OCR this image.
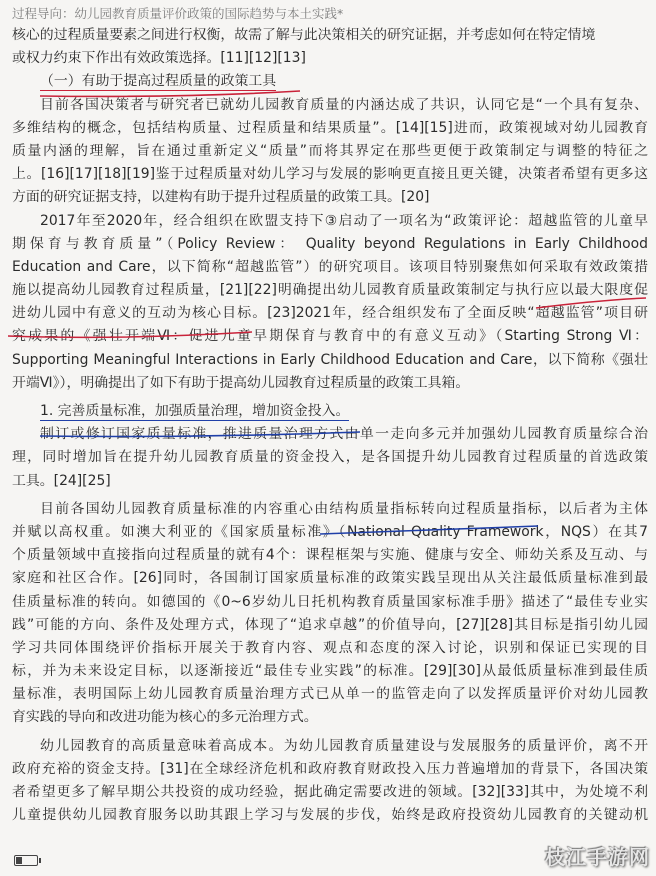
过程导向：幼儿园教育质量评价政策的国际趋势与本土实践*
核心的过程质量要素之间进行权衡，故需了解与此决策相关的研究证据，并考虑如何在特定情境
或权力约束下作出有效政策选择。[11][12][13]
（一）有助于提高过程质量的政策工具
目前各国决策者与研究者已就幼儿园教育质量的内涵达成了共识，认同它是“一个具有复杂、
多维结构的概念，包括结构质量、过程质量和结果质量”。[14][15]进而，政策视域对幼儿园教育
质量内涵的理解，旨在通过重新定义“质量”而将其界定在那些更便于政策制定与调整的特征之
上。[16][17][18][19]鉴于过程质量对幼儿学习与发展的影响更直接且更关键，决策者希望有更多这
方面的研究证据支持，以建构有助于提升过程质量的政策工具。[20]
2017年至2020年，经合组织在欧盟支持下③启动了一项名为“政策评论：超越监管的儿童早
期保育与教育质量”（Policy Review： Quality beyond Regulations in Early Childhood
Education and Care，以下简称“超越监管”）的研究项目。该项目特别聚焦如何采取有效政策措
施以提高幼儿园教育过程质量，[21][22]明确提出幼儿园教育质量政策制定与执行应以最大限度促
进幼儿园中有意义的互动为核心目标。[23]2021年，经合组织发布了全面反映“超越监管”项目研
究成果的《强壮开端Ⅵ：促进儿童早期保育与教育中的有意义互动》（Starting Strong Ⅵ：
Supporting Meaningful Interactions in Early Childhood Education and Care，以下简称《强壮
开端Ⅵ》），明确提出了如下有助于提高幼儿园教育过程质量的政策工具箱。
1. 完善质量标准，加强质量治理，增加资金投入。
制订或修订国家质量标准，推进质量治理方式由单一走向多元并加强幼儿园教育质量综合治
理，同时增加旨在提升幼儿园教育质量的资金投入，是各国提升幼儿园教育过程质量的首选政策
工具。[24][25]
目前各国幼儿园教育质量标准的内容重心由结构质量指标转向过程质量指标，以后者为主体
并赋以高权重。如澳大利亚的《国家质量标准》（National Quality Framework，NQS）在其7
个质量领域中直接指向过程质量的就有4个：课程框架与实施、健康与安全、师幼关系及互动、与
家庭和社区合作。[26]同时，各国制订国家质量标准的政策实践呈现出从关注最低质量标准到最
佳质量标准的转向。如德国的《0~6岁幼儿日托机构教育质量国家标准手册》描述了“最佳专业实
践”可能的方向、条件及处理方式，体现了“追求卓越”的价值导向，[27][28]其目标是指引幼儿园
学习共同体围绕评价指标开展关于教育内容、观点和态度的深入讨论，识别和保证已实现的目
标，并为未来设定目标，以逐渐接近“最佳专业实践”的标准。[29][30]从最低质量标准到最佳质
量标准，表明国际上幼儿园教育质量治理方式已从单一的监管走向了以发挥质量评价对幼儿园教
育实践的导向和改进功能为核心的多元治理方式。
幼儿园教育的高质量意味着高成本。为幼儿园教育质量建设与发展服务的质量评价，离不开
政府充裕的资金支持。[31]在全球经济危机和政府教育财政投入压力普遍增加的背景下，各国决策
者希望更多了解早期公共投资的成功经验，据此确定需要改进的领域。[32][33]其中，为处境不利
儿童提供幼儿园教育服务以助其跟上学习与发展的步伐，始终是政府投资幼儿园教育的关键动机
枝江手游网
